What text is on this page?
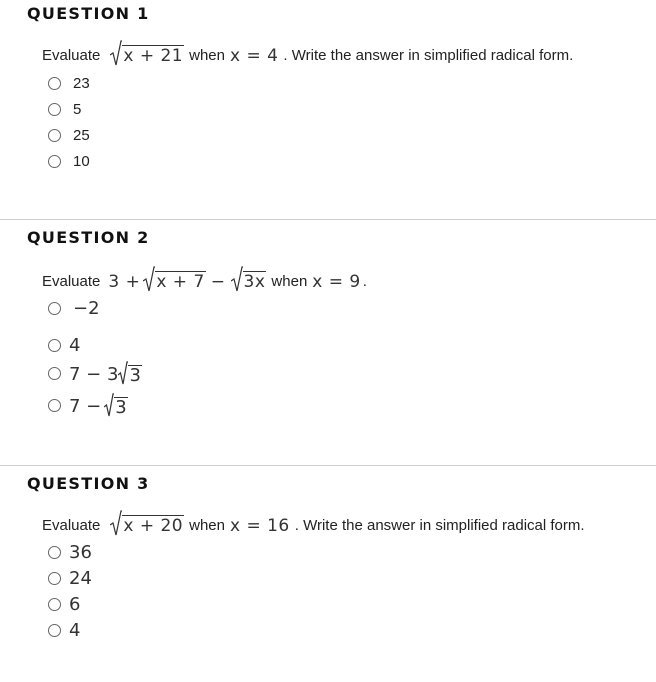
QUESTION 1
Evaluate x + 21 when x = 4 . Write the answer in simplified radical form.
23
5
25
10
QUESTION 2
Evaluate 3 + x + 7 − 3x when x = 9 .
−2
4
7 − 3 3
7 − 3
QUESTION 3
Evaluate x + 20 when x = 16 . Write the answer in simplified radical form.
36
24
6
4
